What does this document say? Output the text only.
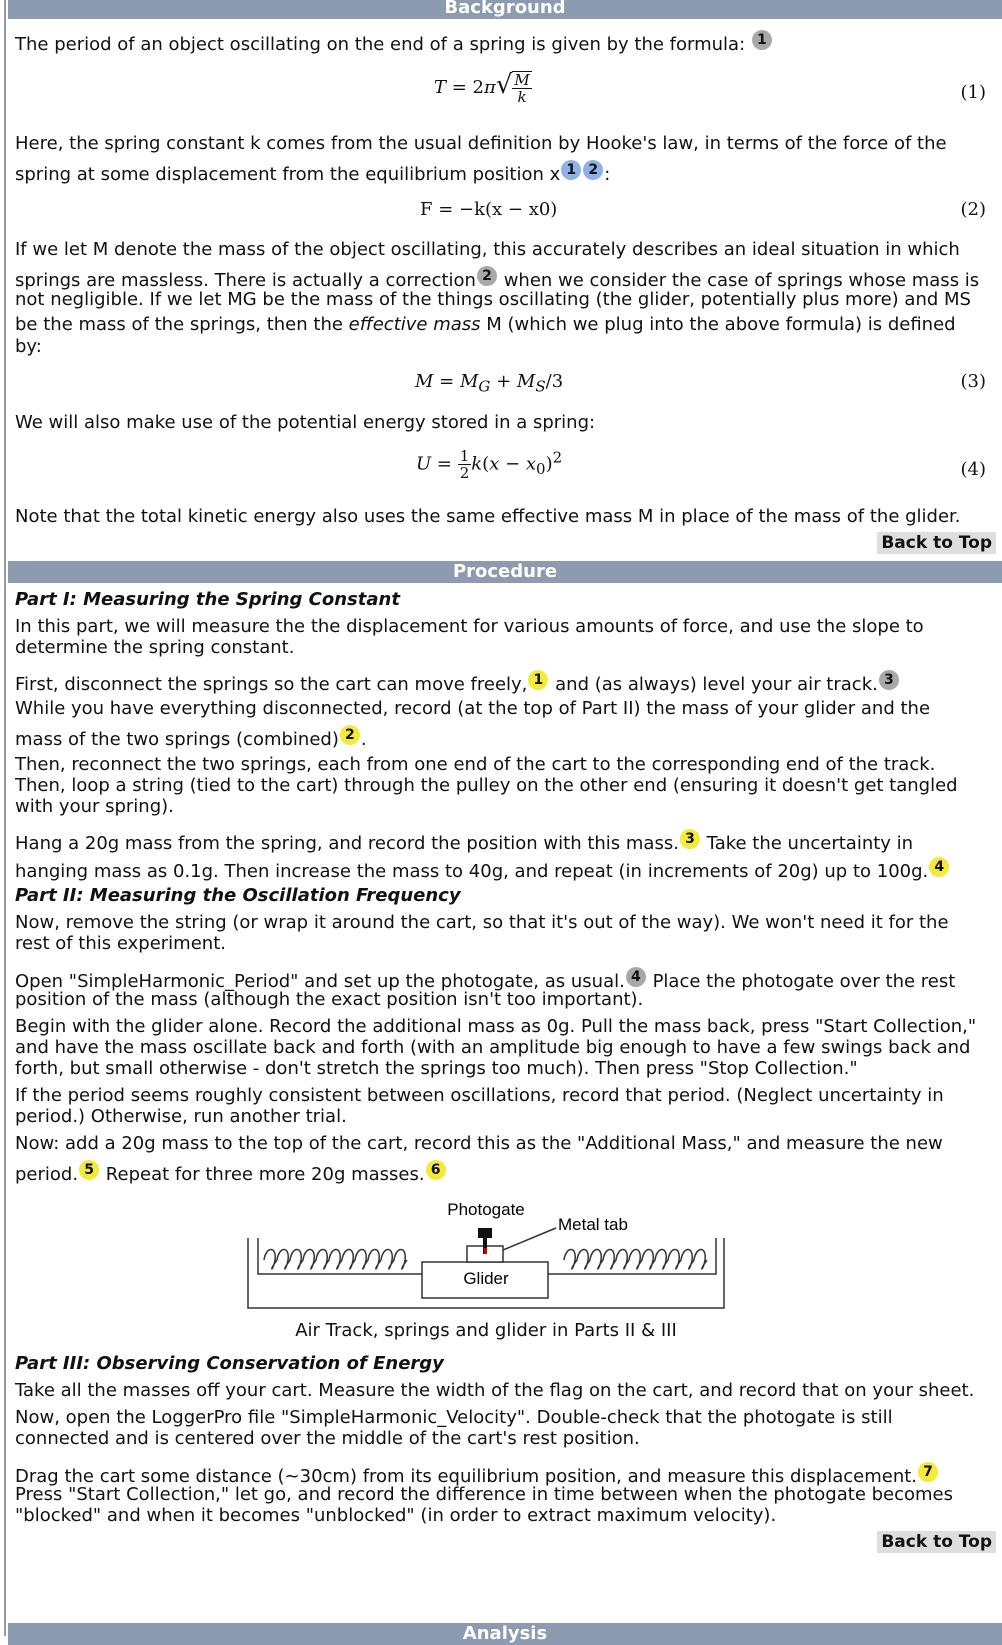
Background
The period of an object oscillating on the end of a spring is given by the formula: 1
$T = 2\pi√ \frac{M}{k}$	(1)
Here, the spring constant k comes from the usual definition by Hooke's law, in terms of the force of the
spring at some displacement from the equilibrium position x 1 2 :
F = −k(x − x0)	(2)
If we let M denote the mass of the object oscillating, this accurately describes an ideal situation in which
springs are massless. There is actually a correction 2 when we consider the case of springs whose mass is
not negligible. If we let MG be the mass of the things oscillating (the glider, potentially plus more) and MS
be the mass of the springs, then the effective mass M (which we plug into the above formula) is defined
by:
$M = M_G + M_S/3$	(3)
We will also make use of the potential energy stored in a spring:
$U = \frac{1}{2} k(x - x_0)^2$
(4)
Note that the total kinetic energy also uses the same effective mass M in place of the mass of the glider.
Back to Top
Procedure
Part I: Measuring the Spring Constant
In this part, we will measure the the displacement for various amounts of force, and use the slope to
determine the spring constant.
First, disconnect the springs so the cart can move freely, 1 and (as always) level your air track. 3
While you have everything disconnected, record (at the top of Part II) the mass of your glider and the
mass of the two springs (combined) 2 .
Then, reconnect the two springs, each from one end of the cart to the corresponding end of the track.
Then, loop a string (tied to the cart) through the pulley on the other end (ensuring it doesn't get tangled
with your spring).
Hang a 20g mass from the spring, and record the position with this mass. 3 Take the uncertainty in
hanging mass as 0.1g. Then increase the mass to 40g, and repeat (in increments of 20g) up to 100g. 4
Part II: Measuring the Oscillation Frequency
Now, remove the string (or wrap it around the cart, so that it's out of the way). We won't need it for the
rest of this experiment.
Open "SimpleHarmonic_Period" and set up the photogate, as usual. 4 Place the photogate over the rest
position of the mass (although the exact position isn't too important).
Begin with the glider alone. Record the additional mass as 0g. Pull the mass back, press "Start Collection,"
and have the mass oscillate back and forth (with an amplitude big enough to have a few swings back and
forth, but small otherwise - don't stretch the springs too much). Then press "Stop Collection."
If the period seems roughly consistent between oscillations, record that period. (Neglect uncertainty in
period.) Otherwise, run another trial.
Now: add a 20g mass to the top of the cart, record this as the "Additional Mass," and measure the new
period. 5 Repeat for three more 20g masses. 6
Photogate
Metal tab
Glider
Air Track, springs and glider in Parts II & III
Part III: Observing Conservation of Energy
Take all the masses off your cart. Measure the width of the flag on the cart, and record that on your sheet.
Now, open the LoggerPro file "SimpleHarmonic_Velocity". Double-check that the photogate is still
connected and is centered over the middle of the cart's rest position.
Drag the cart some distance (~30cm) from its equilibrium position, and measure this displacement. 7
Press "Start Collection," let go, and record the difference in time between when the photogate becomes
"blocked" and when it becomes "unblocked" (in order to extract maximum velocity).
Back to Top
Analysis
